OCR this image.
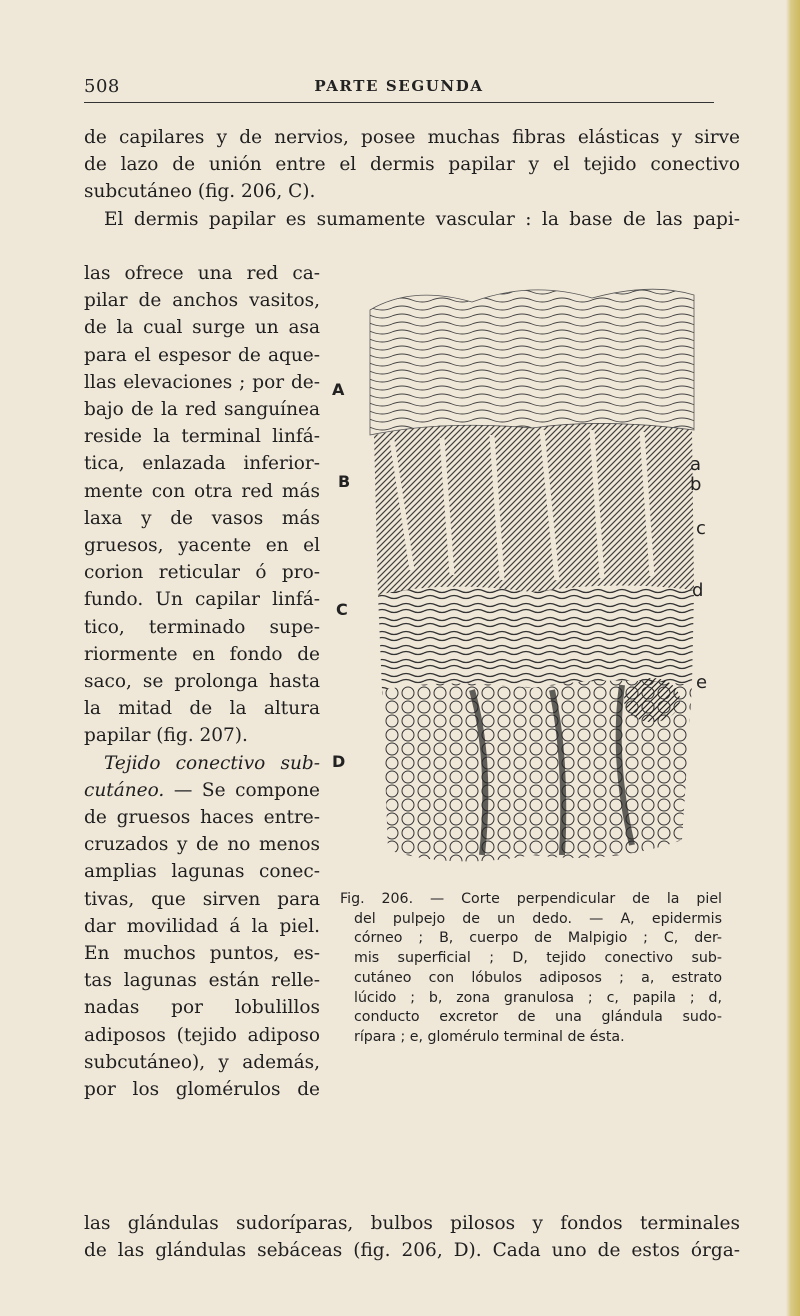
508	PARTE SEGUNDA
de capilares y de nervios, posee muchas fibras elásticas y sirve
de lazo de unión entre el dermis papilar y el tejido conectivo
subcutáneo (fig. 206, C).
El dermis papilar es sumamente vascular : la base de las papi-
las ofrece una red ca-
pilar de anchos vasitos,
de la cual surge un asa
para el espesor de aque-
llas elevaciones ; por de-
bajo de la red sanguínea
reside la terminal linfá-
tica, enlazada inferior-
mente con otra red más
laxa y de vasos más
gruesos, yacente en el
corion reticular ó pro-
fundo. Un capilar linfá-
tico, terminado supe-
riormente en fondo de
saco, se prolonga hasta
la mitad de la altura
papilar (fig. 207).
Tejido conectivo sub-
cutáneo. — Se compone
de gruesos haces entre-
cruzados y de no menos
amplias lagunas conec-
tivas, que sirven para
dar movilidad á la piel.
En muchos puntos, es-
tas lagunas están relle-
nadas por lobulillos
adiposos (tejido adiposo
subcutáneo), y además,
por los glomérulos de
A
B
C
D
a
b
c
d
e
Fig. 206. — Corte perpendicular de la piel
del pulpejo de un dedo. — A, epidermis
córneo ; B, cuerpo de Malpigio ; C, der-
mis superficial ; D, tejido conectivo sub-
cutáneo con lóbulos adiposos ; a, estrato
lúcido ; b, zona granulosa ; c, papila ; d,
conducto excretor de una glándula sudo-
rípara ; e, glomérulo terminal de ésta.
las glándulas sudoríparas, bulbos pilosos y fondos terminales
de las glándulas sebáceas (fig. 206, D). Cada uno de estos órga-
